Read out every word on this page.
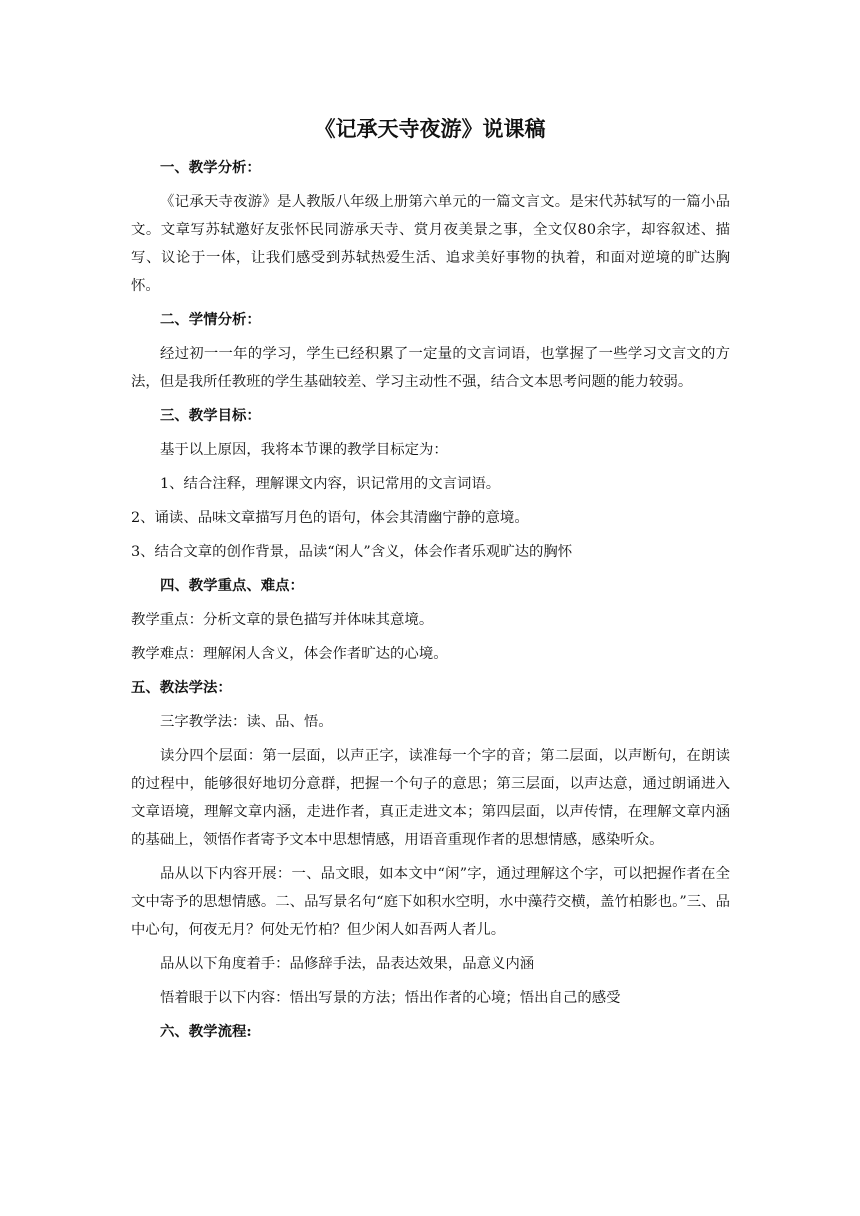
《记承天寺夜游》说课稿

一、教学分析：

《记承天寺夜游》是人教版八年级上册第六单元的一篇文言文。是宋代苏轼写的一篇小品文。文章写苏轼邀好友张怀民同游承天寺、赏月夜美景之事，全文仅80余字，却容叙述、描写、议论于一体，让我们感受到苏轼热爱生活、追求美好事物的执着，和面对逆境的旷达胸怀。

二、学情分析：

经过初一一年的学习，学生已经积累了一定量的文言词语，也掌握了一些学习文言文的方法，但是我所任教班的学生基础较差、学习主动性不强，结合文本思考问题的能力较弱。

三、教学目标：

基于以上原因，我将本节课的教学目标定为：

1、结合注释，理解课文内容，识记常用的文言词语。

2、诵读、品味文章描写月色的语句，体会其清幽宁静的意境。

3、结合文章的创作背景，品读“闲人”含义，体会作者乐观旷达的胸怀

四、教学重点、难点：

教学重点：分析文章的景色描写并体味其意境。

教学难点：理解闲人含义，体会作者旷达的心境。

五、教法学法：

三字教学法：读、品、悟。

读分四个层面：第一层面，以声正字，读准每一个字的音；第二层面，以声断句，在朗读的过程中，能够很好地切分意群，把握一个句子的意思；第三层面，以声达意，通过朗诵进入文章语境，理解文章内涵，走进作者，真正走进文本；第四层面，以声传情，在理解文章内涵的基础上，领悟作者寄予文本中思想情感，用语音重现作者的思想情感，感染听众。

品从以下内容开展：一、品文眼，如本文中“闲”字，通过理解这个字，可以把握作者在全文中寄予的思想情感。二、品写景名句“庭下如积水空明，水中藻荇交横，盖竹柏影也。”三、品中心句，何夜无月？何处无竹柏？但少闲人如吾两人者儿。

品从以下角度着手：品修辞手法，品表达效果，品意义内涵

悟着眼于以下内容：悟出写景的方法；悟出作者的心境；悟出自己的感受

六、教学流程:
